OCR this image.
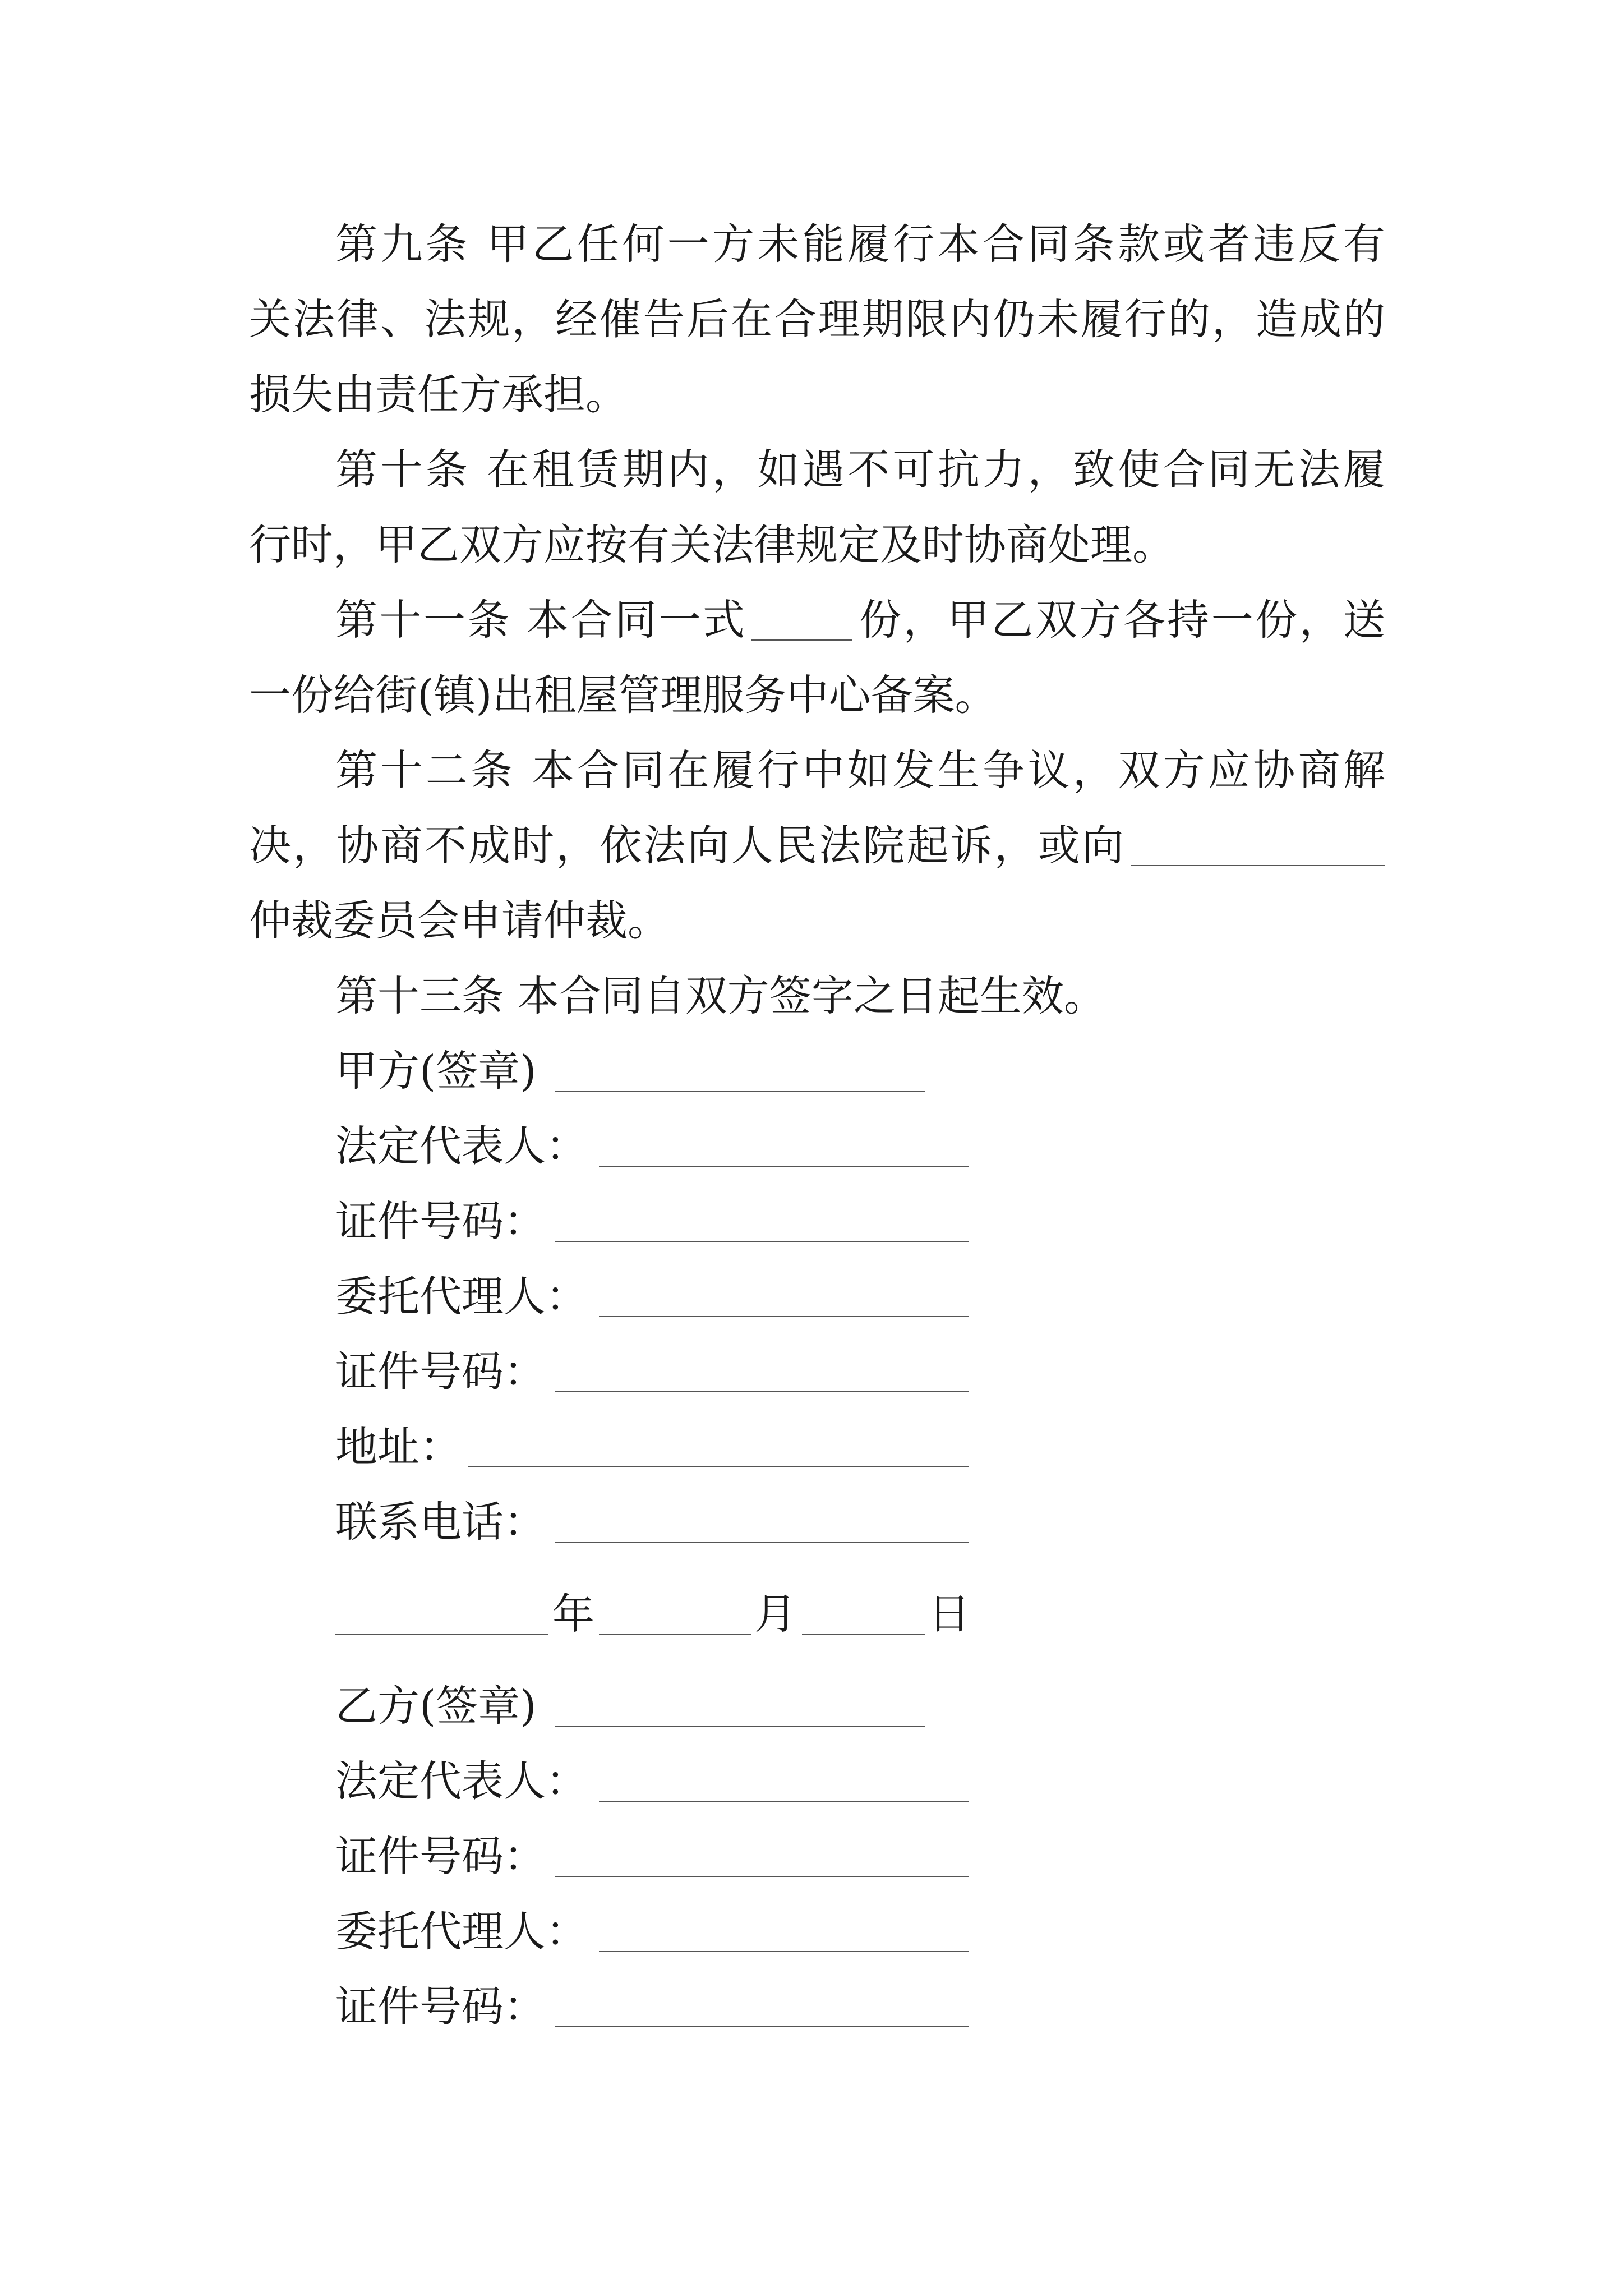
第九条 甲乙任何一方未能履行本合同条款或者违反有
关法律、法规，经催告后在合理期限内仍未履行的，造成的
损失由责任方承担。
第十条 在租赁期内，如遇不可抗力，致使合同无法履
行时，甲乙双方应按有关法律规定及时协商处理。
第十一条 本合同一式	份，甲乙双方各持一份，送
一份给街(镇)出租屋管理服务中心备案。
第十二条 本合同在履行中如发生争议，双方应协商解
决，协商不成时，依法向人民法院起诉，或向
仲裁委员会申请仲裁。
第十三条 本合同自双方签字之日起生效。
甲方(签章)
法定代表人：
证件号码：
委托代理人：
证件号码：
地址：
联系电话：
年	月	日
乙方(签章)
法定代表人：
证件号码：
委托代理人：
证件号码：
